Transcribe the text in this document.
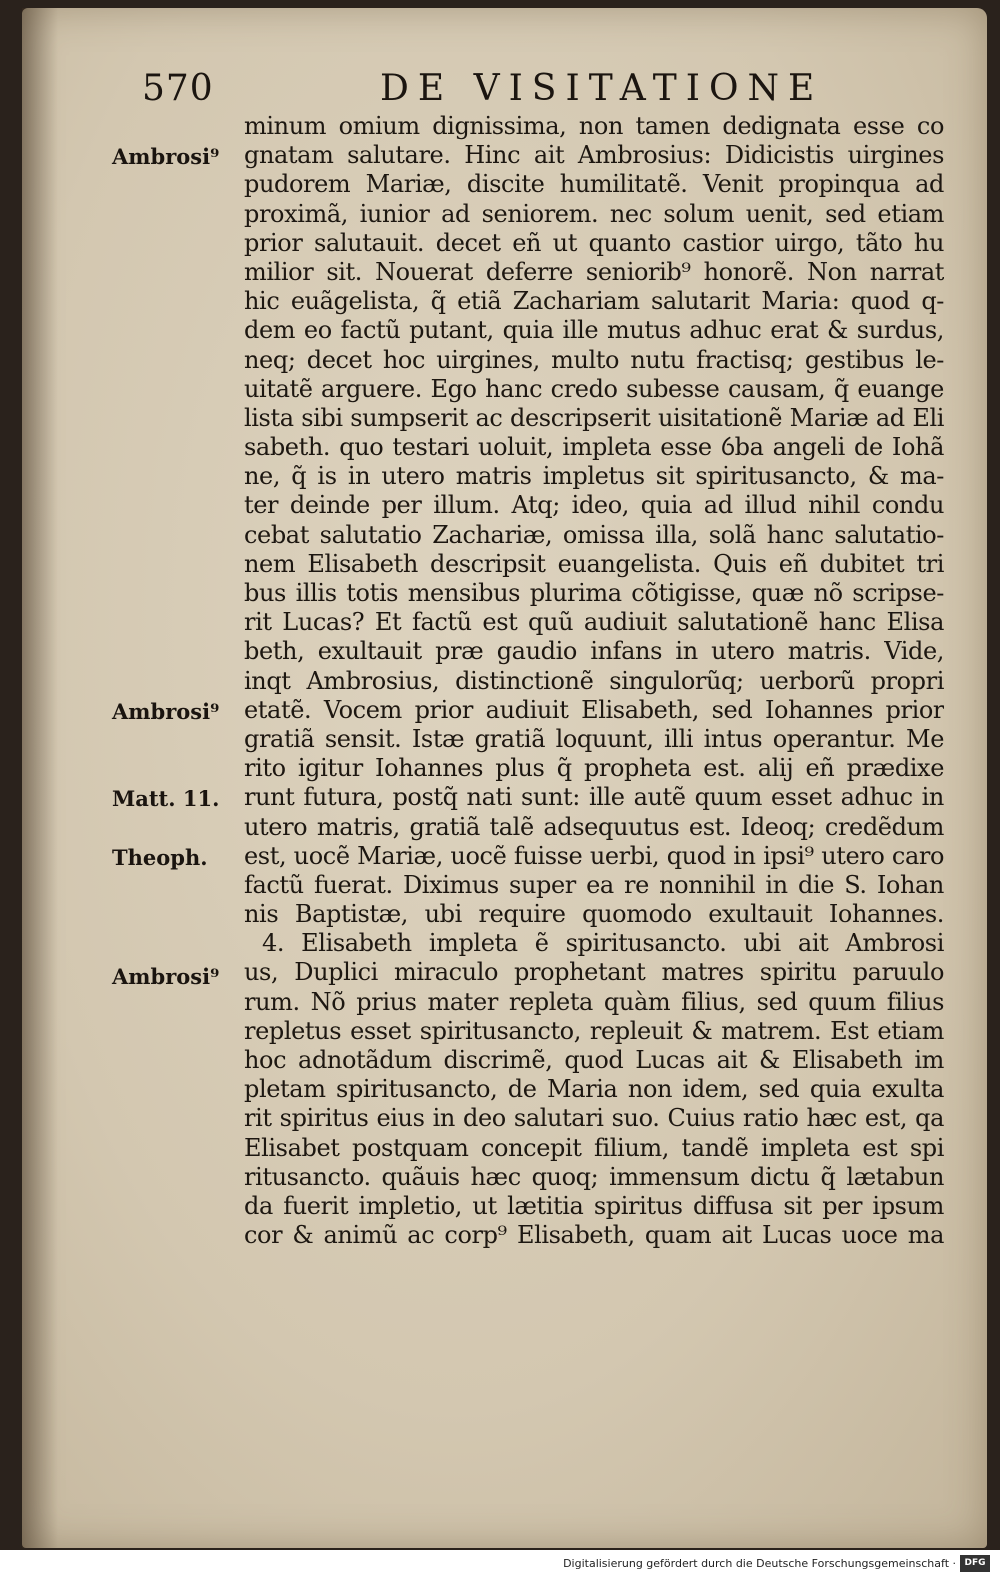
570	DE VISITATIONE
Ambrosi⁹
Ambrosi⁹
Matt. 11.
Theoph.
Ambrosi⁹
minum omium dignissima, non tamen dedignata esse co
gnatam salutare. Hinc ait Ambrosius: Didicistis uirgines
pudorem Mariæ, discite humilitatẽ. Venit propinqua ad
proximã, iunior ad seniorem. nec solum uenit, sed etiam
prior salutauit. decet eñ ut quanto castior uirgo, tãto hu
milior sit. Nouerat deferre seniorib⁹ honorẽ. Non narrat
hic euãgelista, q̃ etiã Zachariam salutarit Maria: quod q-
dem eo factũ putant, quia ille mutus adhuc erat & surdus,
neq; decet hoc uirgines, multo nutu fractisq; gestibus le-
uitatẽ arguere. Ego hanc credo subesse causam, q̃ euange
lista sibi sumpserit ac descripserit uisitationẽ Mariæ ad Eli
sabeth. quo testari uoluit, impleta esse ỽba angeli de Iohã
ne, q̃ is in utero matris impletus sit spiritusancto, & ma-
ter deinde per illum. Atq; ideo, quia ad illud nihil condu
cebat salutatio Zachariæ, omissa illa, solã hanc salutatio-
nem Elisabeth descripsit euangelista. Quis eñ dubitet tri
bus illis totis mensibus plurima cõtigisse, quæ nõ scripse-
rit Lucas? Et factũ est quũ audiuit salutationẽ hanc Elisa
beth, exultauit præ gaudio infans in utero matris. Vide,
inqt Ambrosius, distinctionẽ singulorũq; uerborũ propri
etatẽ. Vocem prior audiuit Elisabeth, sed Iohannes prior
gratiã sensit. Istæ gratiã loquunt, illi intus operantur. Me
rito igitur Iohannes plus q̃ propheta est. alij eñ prædixe
runt futura, postq̃ nati sunt: ille autẽ quum esset adhuc in
utero matris, gratiã talẽ adsequutus est. Ideoq; credẽdum
est, uocẽ Mariæ, uocẽ fuisse uerbi, quod in ipsi⁹ utero caro
factũ fuerat. Diximus super ea re nonnihil in die S. Iohan
nis Baptistæ, ubi require quomodo exultauit Iohannes.
4. Elisabeth impleta ẽ spiritusancto. ubi ait Ambrosi
us, Duplici miraculo prophetant matres spiritu paruulo
rum. Nõ prius mater repleta quàm filius, sed quum filius
repletus esset spiritusancto, repleuit & matrem. Est etiam
hoc adnotãdum discrimẽ, quod Lucas ait & Elisabeth im
pletam spiritusancto, de Maria non idem, sed quia exulta
rit spiritus eius in deo salutari suo. Cuius ratio hæc est, qa
Elisabet postquam concepit filium, tandẽ impleta est spi
ritusancto. quãuis hæc quoq; immensum dictu q̃ lætabun
da fuerit impletio, ut lætitia spiritus diffusa sit per ipsum
cor & animũ ac corp⁹ Elisabeth, quam ait Lucas uoce ma
Digitalisierung gefördert durch die Deutsche Forschungsgemeinschaft · DFG
